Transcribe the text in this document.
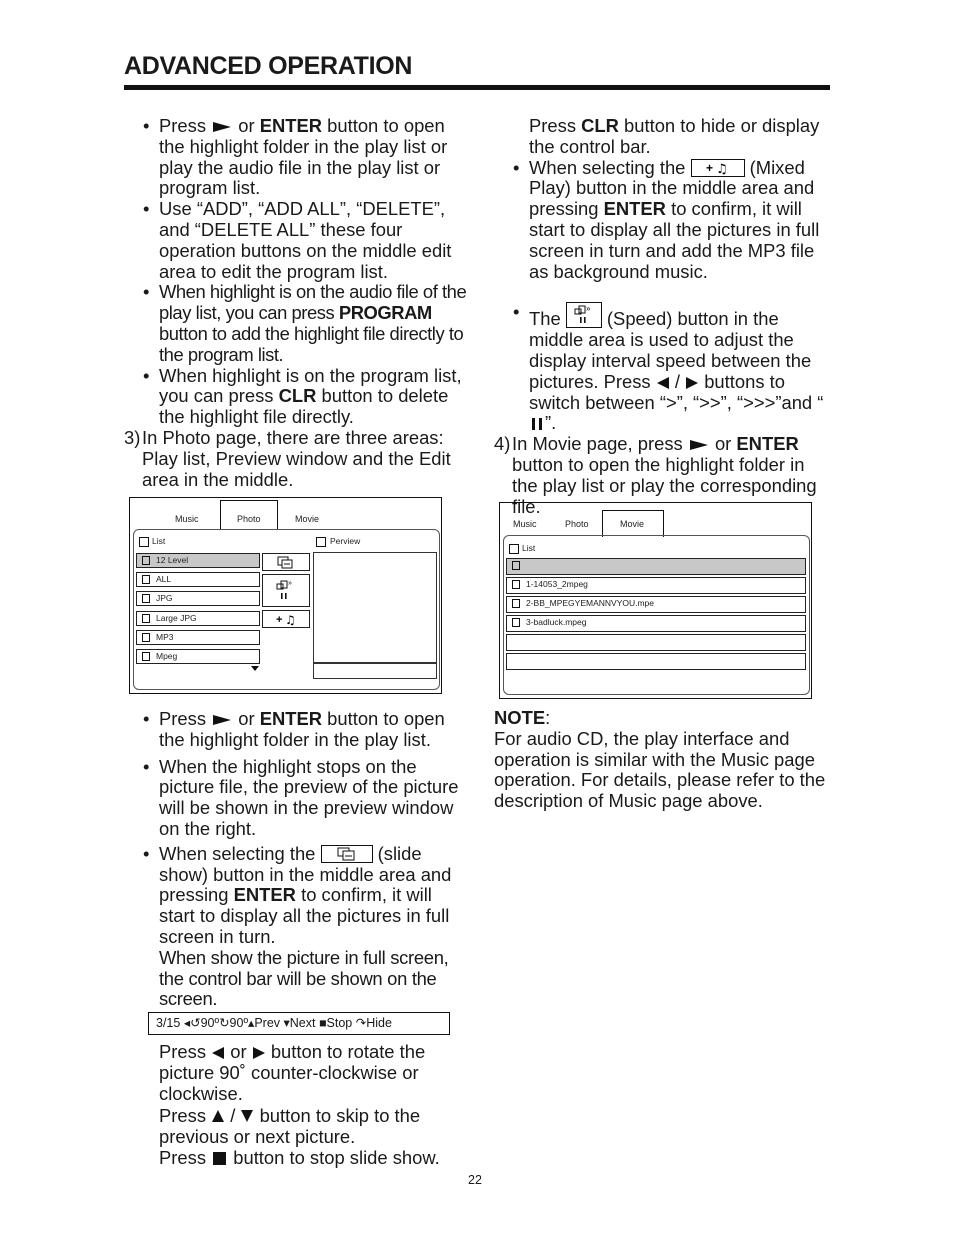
ADVANCED OPERATION

• Press  or ENTER button to open the highlight folder in the play list or play the audio file in the play list or program list.

• Use “ADD”, “ADD ALL”, “DELETE”, and “DELETE ALL” these four operation buttons on the middle edit area to edit the program list.

• When highlight is on the audio file of the play list, you can press PROGRAM button to add the highlight file directly to the program list.

• When highlight is on the program list, you can press CLR button to delete the highlight file directly.

3) In Photo page, there are three areas: Play list, Preview window and the Edit area in the middle.

Music	Photo	Movie
List	Perview
12 Level
ALL
JPG
Large JPG
MP3
Mpeg
»
+ ♫

• Press  or ENTER button to open the highlight folder in the play list.

• When the highlight stops on the picture file, the preview of the picture will be shown in the preview window on the right.

• When selecting the	(slide show) button in the middle area and pressing ENTER to confirm, it will start to display all the pictures in full screen in turn.

When show the picture in full screen, the control bar will be shown on the screen.

3/15 ◂↺90º↻90º▴Prev ▾Next ■Stop ↷Hide

Press  or  button to rotate the picture 90˚ counter-clockwise or clockwise.

Press  /  button to skip to the previous or next picture.

Press  button to stop slide show.

Press CLR button to hide or display the control bar.

• When selecting the + ♫ (Mixed Play) button in the middle area and pressing ENTER to confirm, it will start to display all the pictures in full screen in turn and add the MP3 file as background music.

• The	» (Speed) button in the middle area is used to adjust the display interval speed between the pictures. Press  /  buttons to switch between “>”, “>>”, “>>>”and “”.

4) In Movie page, press  or ENTER button to open the highlight folder in the play list or play the corresponding file.

Music	Photo	Movie
List
1-14053_2mpeg
2-BB_MPEGYEMANNVYOU.mpe
3-badluck.mpeg

NOTE:

For audio CD, the play interface and operation is similar with the Music page operation. For details, please refer to the description of Music page above.

22
